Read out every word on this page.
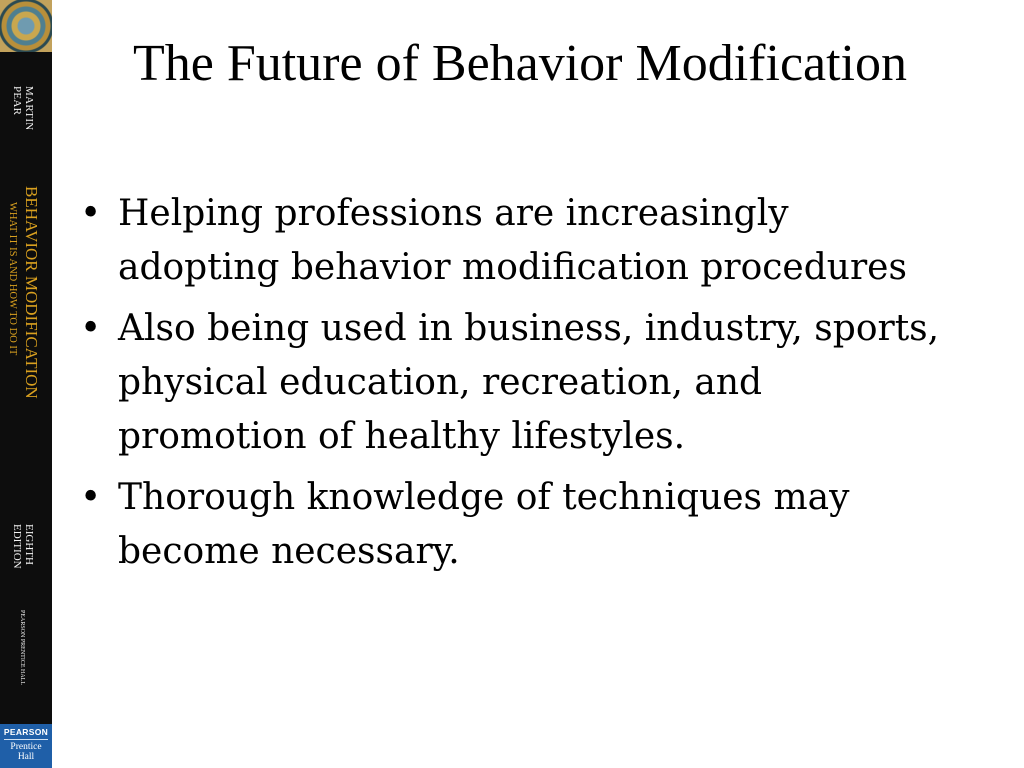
MARTIN
PEAR
BEHAVIOR MODIFICATION
WHAT IT IS AND HOW TO DO IT
EIGHTH
EDITION
PEARSON PRENTICE HALL
PEARSON
Prentice
Hall
The Future of Behavior Modification
• Helping professions are increasingly adopting behavior modification procedures
• Also being used in business, industry, sports, physical education, recreation, and promotion of healthy lifestyles.
• Thorough knowledge of techniques may become necessary.
